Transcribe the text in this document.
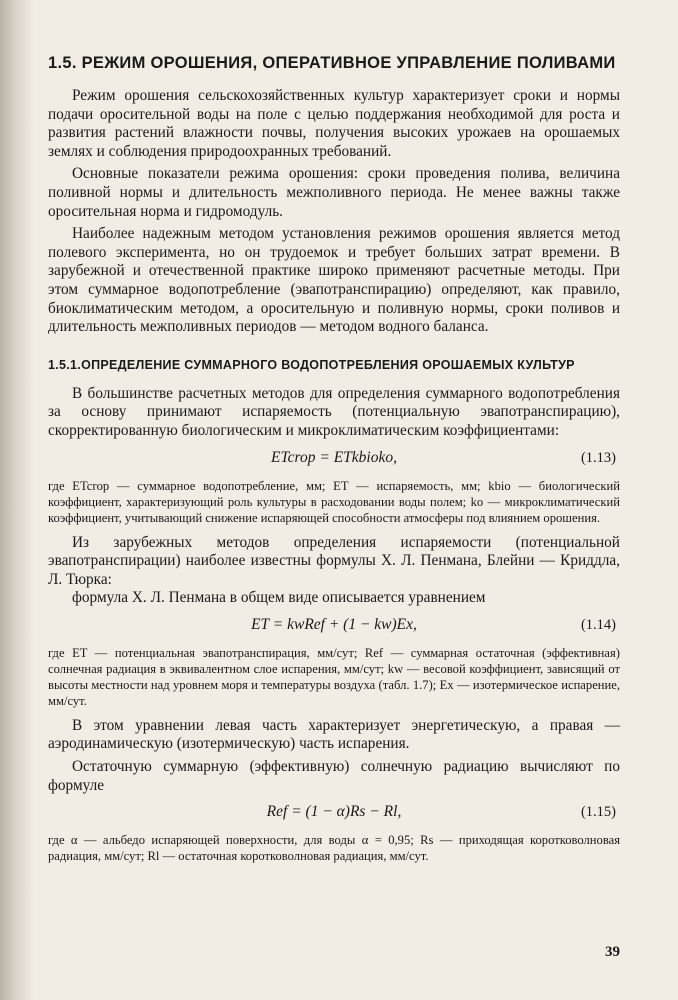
1.5. РЕЖИМ ОРОШЕНИЯ, ОПЕРАТИВНОЕ УПРАВЛЕНИЕ ПОЛИВАМИ

Режим орошения сельскохозяйственных культур характеризует сроки и нормы подачи оросительной воды на поле с целью поддержания необходимой для роста и развития растений влажности почвы, получения высоких урожаев на орошаемых землях и соблюдения природоохранных требований.

Основные показатели режима орошения: сроки проведения полива, величина поливной нормы и длительность межполивного периода. Не менее важны также оросительная норма и гидромодуль.

Наиболее надежным методом установления режимов орошения является метод полевого эксперимента, но он трудоемок и требует больших затрат времени. В зарубежной и отечественной практике широко применяют расчетные методы. При этом суммарное водопотребление (эвапотранспирацию) определяют, как правило, биоклиматическим методом, а оросительную и поливную нормы, сроки поливов и длительность межполивных периодов — методом водного баланса.

1.5.1.ОПРЕДЕЛЕНИЕ СУММАРНОГО ВОДОПОТРЕБЛЕНИЯ ОРОШАЕМЫХ КУЛЬТУР

В большинстве расчетных методов для определения суммарного водопотребления за основу принимают испаряемость (потенциальную эвапотранспирацию), скорректированную биологическим и микроклиматическим коэффициентами:

ETcrop = ETkbioko,	(1.13)

где ETcrop — суммарное водопотребление, мм; ET — испаряемость, мм; kbio — биологический коэффициент, характеризующий роль культуры в расходовании воды полем; ko — микроклиматический коэффициент, учитывающий снижение испаряющей способности атмосферы под влиянием орошения.

Из зарубежных методов определения испаряемости (потенциальной эвапотранспирации) наиболее известны формулы Х. Л. Пенмана, Блейни — Криддла, Л. Тюрка:

формула Х. Л. Пенмана в общем виде описывается уравнением

ET = kwRef + (1 − kw)Ex,	(1.14)

где ET — потенциальная эвапотранспирация, мм/сут; Ref — суммарная остаточная (эффективная) солнечная радиация в эквивалентном слое испарения, мм/сут; kw — весовой коэффициент, зависящий от высоты местности над уровнем моря и температуры воздуха (табл. 1.7); Ex — изотермическое испарение, мм/сут.

В этом уравнении левая часть характеризует энергетическую, а правая — аэродинамическую (изотермическую) часть испарения.

Остаточную суммарную (эффективную) солнечную радиацию вычисляют по формуле

Ref = (1 − α)Rs − Rl,	(1.15)

где α — альбедо испаряющей поверхности, для воды α = 0,95; Rs — приходящая коротковолновая радиация, мм/сут; Rl — остаточная коротковолновая радиация, мм/сут.

39
